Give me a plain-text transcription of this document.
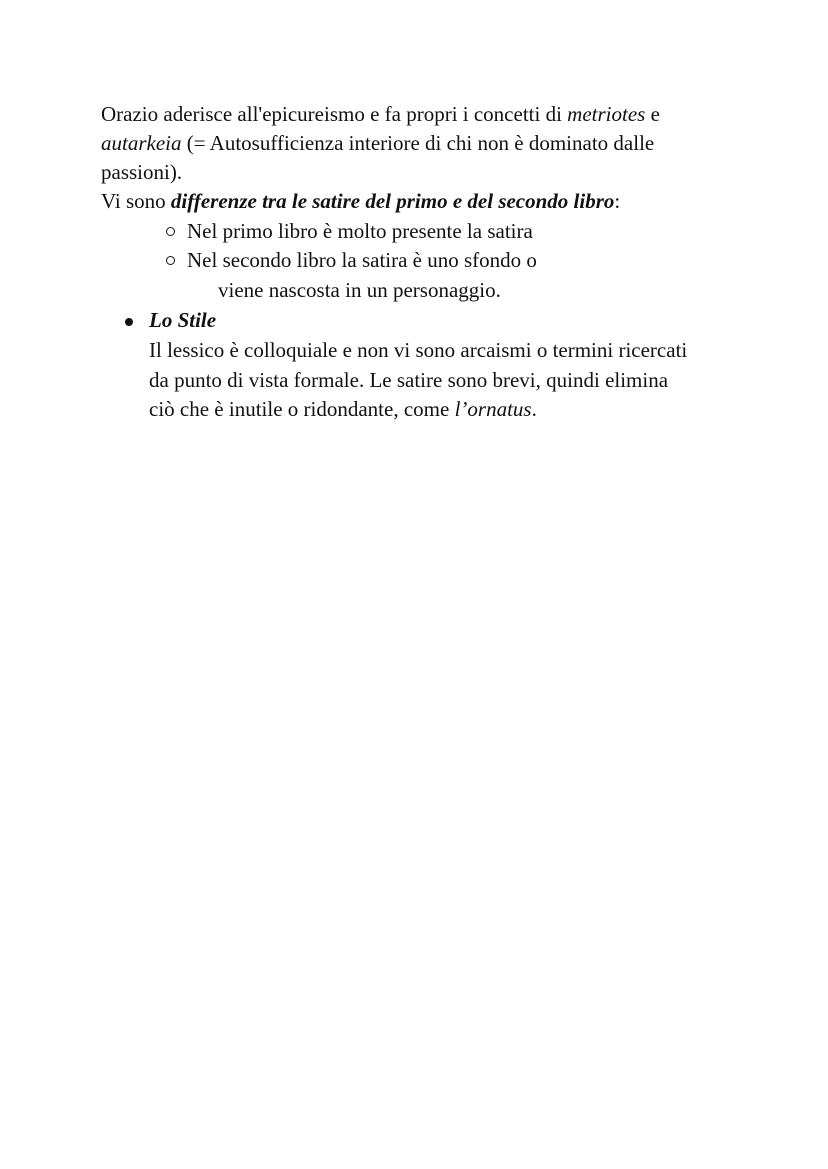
Orazio aderisce all'epicureismo e fa propri i concetti di metriotes e
autarkeia (= Autosufficienza interiore di chi non è dominato dalle
passioni).
Vi sono differenze tra le satire del primo e del secondo libro:
Nel primo libro è molto presente la satira
Nel secondo libro la satira è uno sfondo o
viene nascosta in un personaggio.
Lo Stile
Il lessico è colloquiale e non vi sono arcaismi o termini ricercati
da punto di vista formale. Le satire sono brevi, quindi elimina
ciò che è inutile o ridondante, come l’ornatus.
